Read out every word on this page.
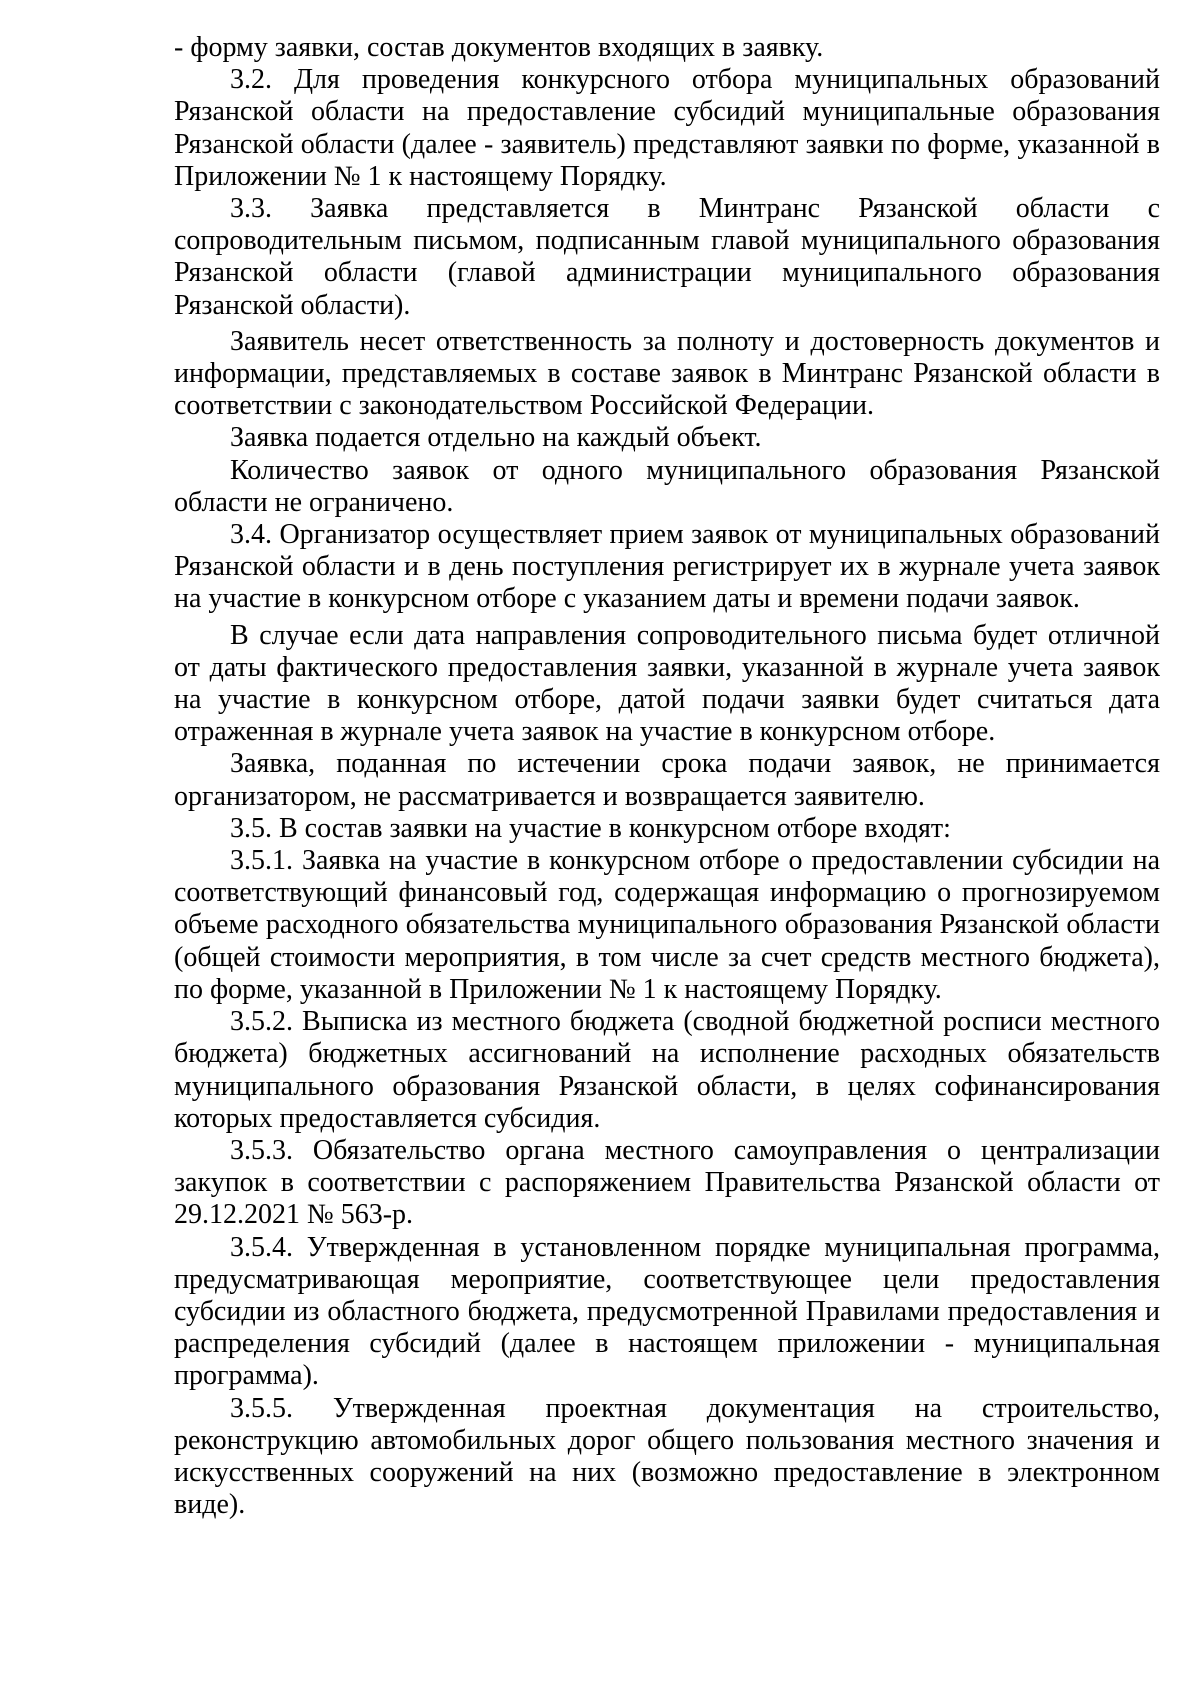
- форму заявки, состав документов входящих в заявку.

3.2. Для проведения конкурсного отбора муниципальных образований Рязанской области на предоставление субсидий муниципальные образования Рязанской области (далее - заявитель) представляют заявки по форме, указанной в Приложении № 1 к настоящему Порядку.

3.3. Заявка представляется в Минтранс Рязанской области с сопроводительным письмом, подписанным главой муниципального образования Рязанской области (главой администрации муниципального образования Рязанской области).

Заявитель несет ответственность за полноту и достоверность документов и информации, представляемых в составе заявок в Минтранс Рязанской области в соответствии с законодательством Российской Федерации.

Заявка подается отдельно на каждый объект.

Количество заявок от одного муниципального образования Рязанской области не ограничено.

3.4. Организатор осуществляет прием заявок от муниципальных образований Рязанской области и в день поступления регистрирует их в журнале учета заявок на участие в конкурсном отборе с указанием даты и времени подачи заявок.

В случае если дата направления сопроводительного письма будет отличной от даты фактического предоставления заявки, указанной в журнале учета заявок на участие в конкурсном отборе, датой подачи заявки будет считаться дата отраженная в журнале учета заявок на участие в конкурсном отборе.

Заявка, поданная по истечении срока подачи заявок, не принимается организатором, не рассматривается и возвращается заявителю.

3.5. В состав заявки на участие в конкурсном отборе входят:

3.5.1. Заявка на участие в конкурсном отборе о предоставлении субсидии на соответствующий финансовый год, содержащая информацию о прогнозируемом объеме расходного обязательства муниципального образования Рязанской области (общей стоимости мероприятия, в том числе за счет средств местного бюджета), по форме, указанной в Приложении № 1 к настоящему Порядку.

3.5.2. Выписка из местного бюджета (сводной бюджетной росписи местного бюджета) бюджетных ассигнований на исполнение расходных обязательств муниципального образования Рязанской области, в целях софинансирования которых предоставляется субсидия.

3.5.3. Обязательство органа местного самоуправления о централизации закупок в соответствии с распоряжением Правительства Рязанской области от 29.12.2021 № 563-р.

3.5.4. Утвержденная в установленном порядке муниципальная программа, предусматривающая мероприятие, соответствующее цели предоставления субсидии из областного бюджета, предусмотренной Правилами предоставления и распределения субсидий (далее в настоящем приложении - муниципальная программа).

3.5.5. Утвержденная проектная документация на строительство, реконструкцию автомобильных дорог общего пользования местного значения и искусственных сооружений на них (возможно предоставление в электронном виде).
